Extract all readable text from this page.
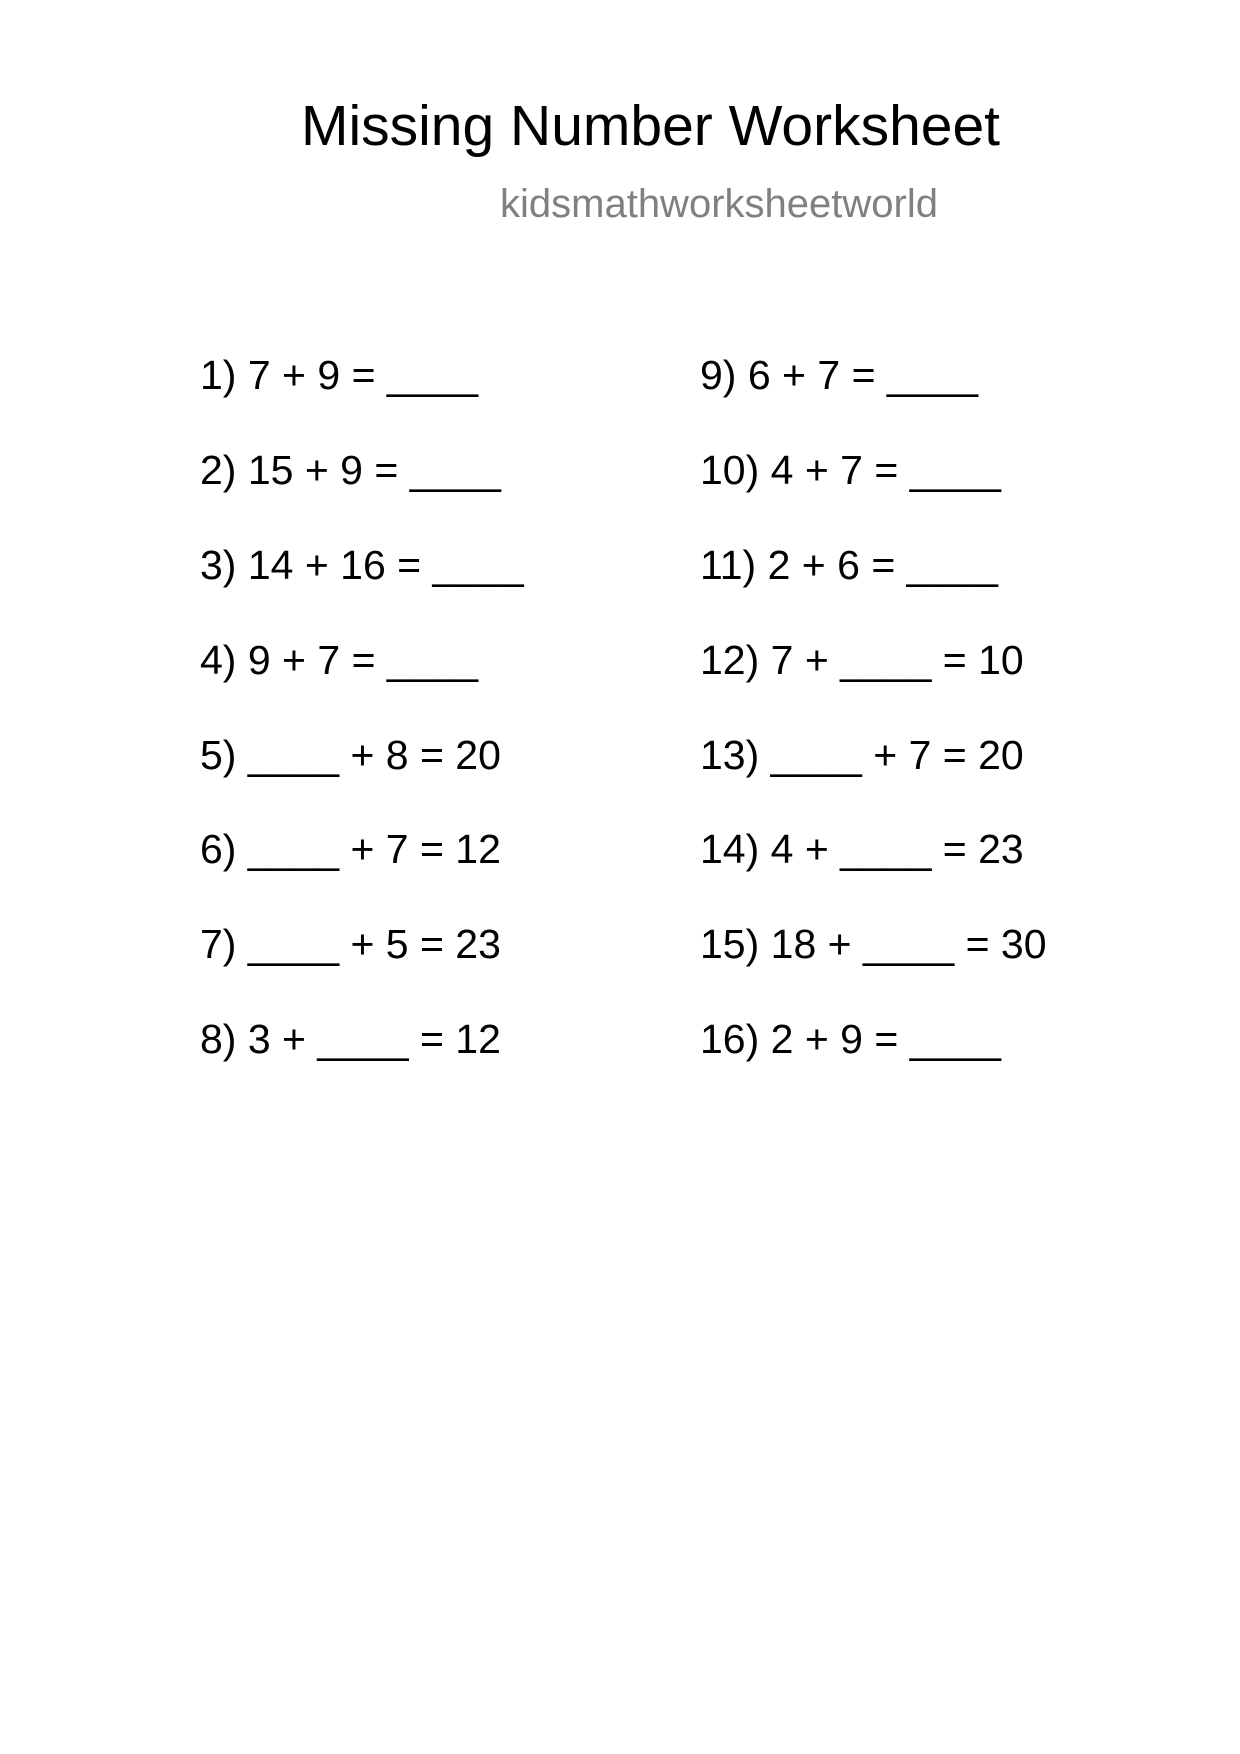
Missing Number Worksheet
kidsmathworksheetworld
1) 7 + 9 = ____
2) 15 + 9 = ____
3) 14 + 16 = ____
4) 9 + 7 = ____
5) ____ + 8 = 20
6) ____ + 7 = 12
7) ____ + 5 = 23
8) 3 + ____ = 12
9) 6 + 7 = ____
10) 4 + 7 = ____
11) 2 + 6 = ____
12) 7 + ____ = 10
13) ____ + 7 = 20
14) 4 + ____ = 23
15) 18 + ____ = 30
16) 2 + 9 = ____
